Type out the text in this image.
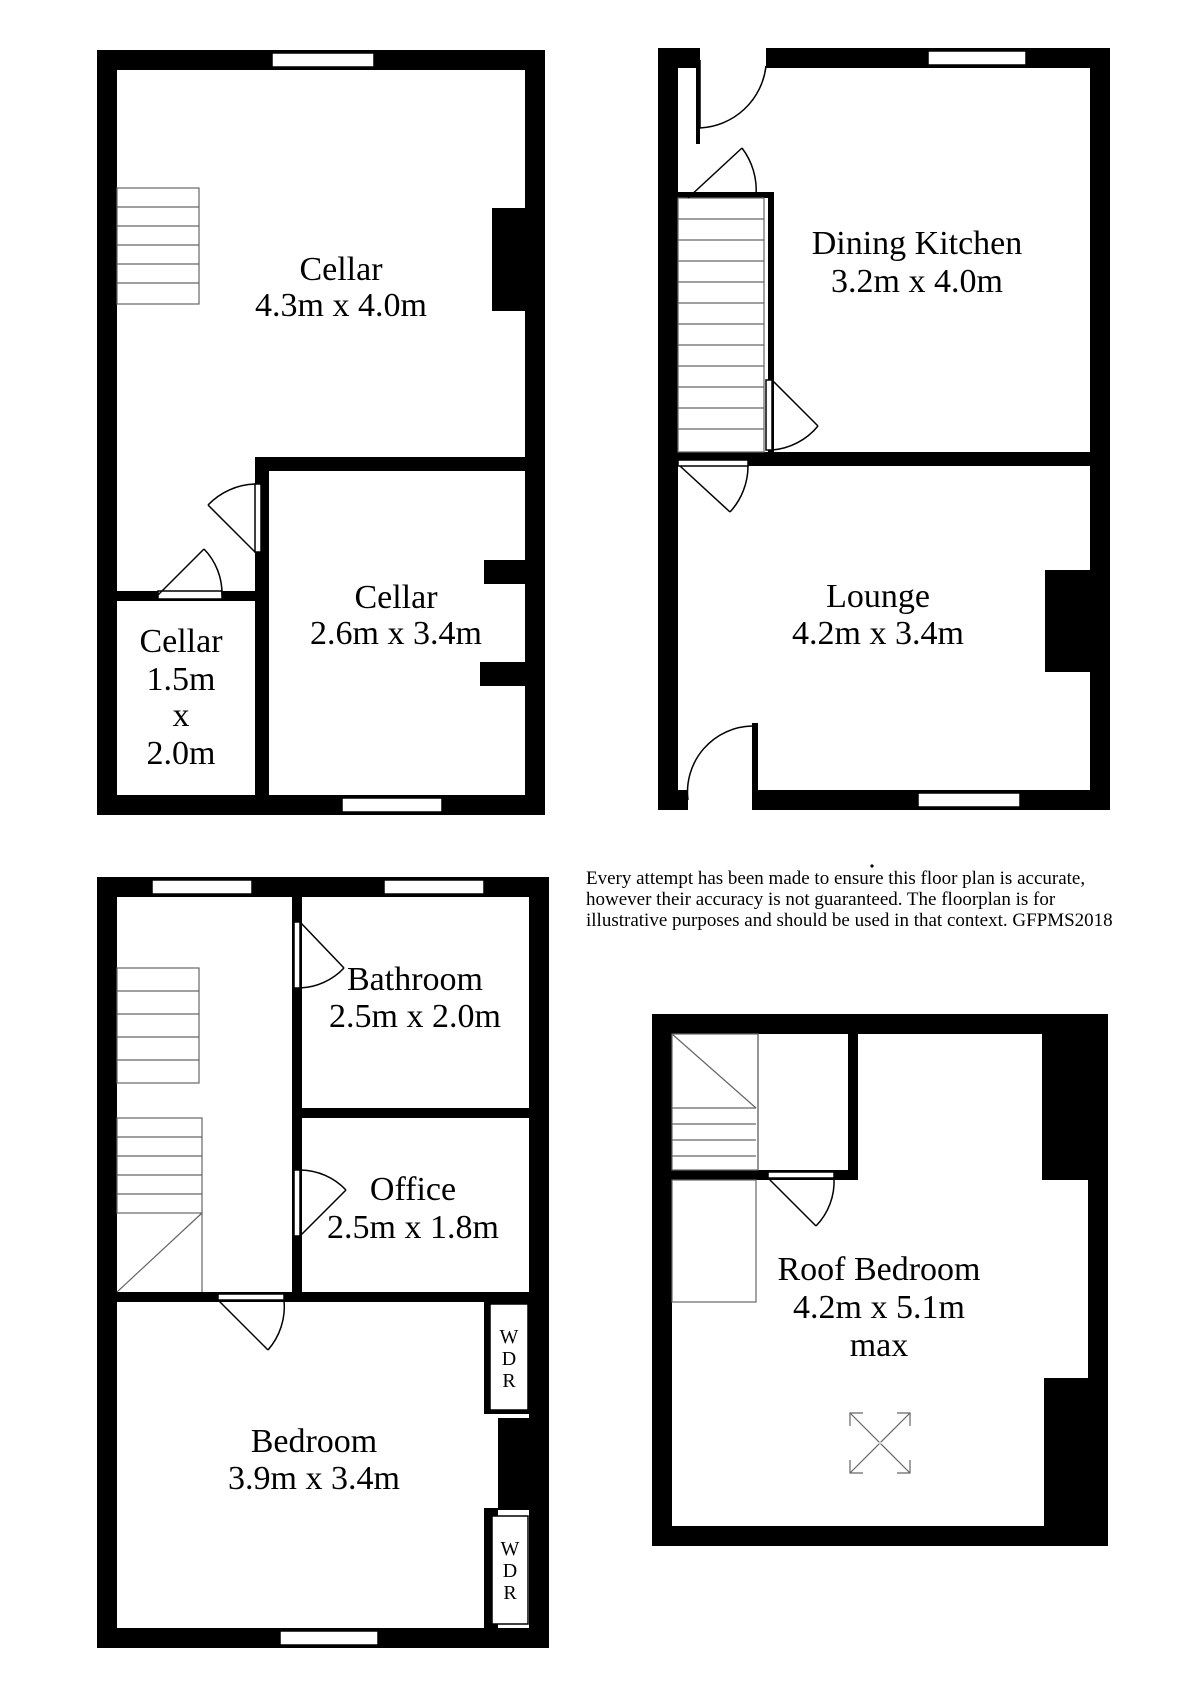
Cellar
4.3m x 4.0m
Cellar
2.6m x 3.4m
Cellar
1.5m
x
2.0m
Dining Kitchen
3.2m x 4.0m
Lounge
4.2m x 3.4m
Bathroom
2.5m x 2.0m
Office
2.5m x 1.8m
Bedroom
3.9m x 3.4m
Roof Bedroom
4.2m x 5.1m
max
W
D
R
W
D
R
Every attempt has been made to ensure this floor plan is accurate,
however their accuracy is not guaranteed. The floorplan is for
illustrative purposes and should be used in that context. GFPMS2018
